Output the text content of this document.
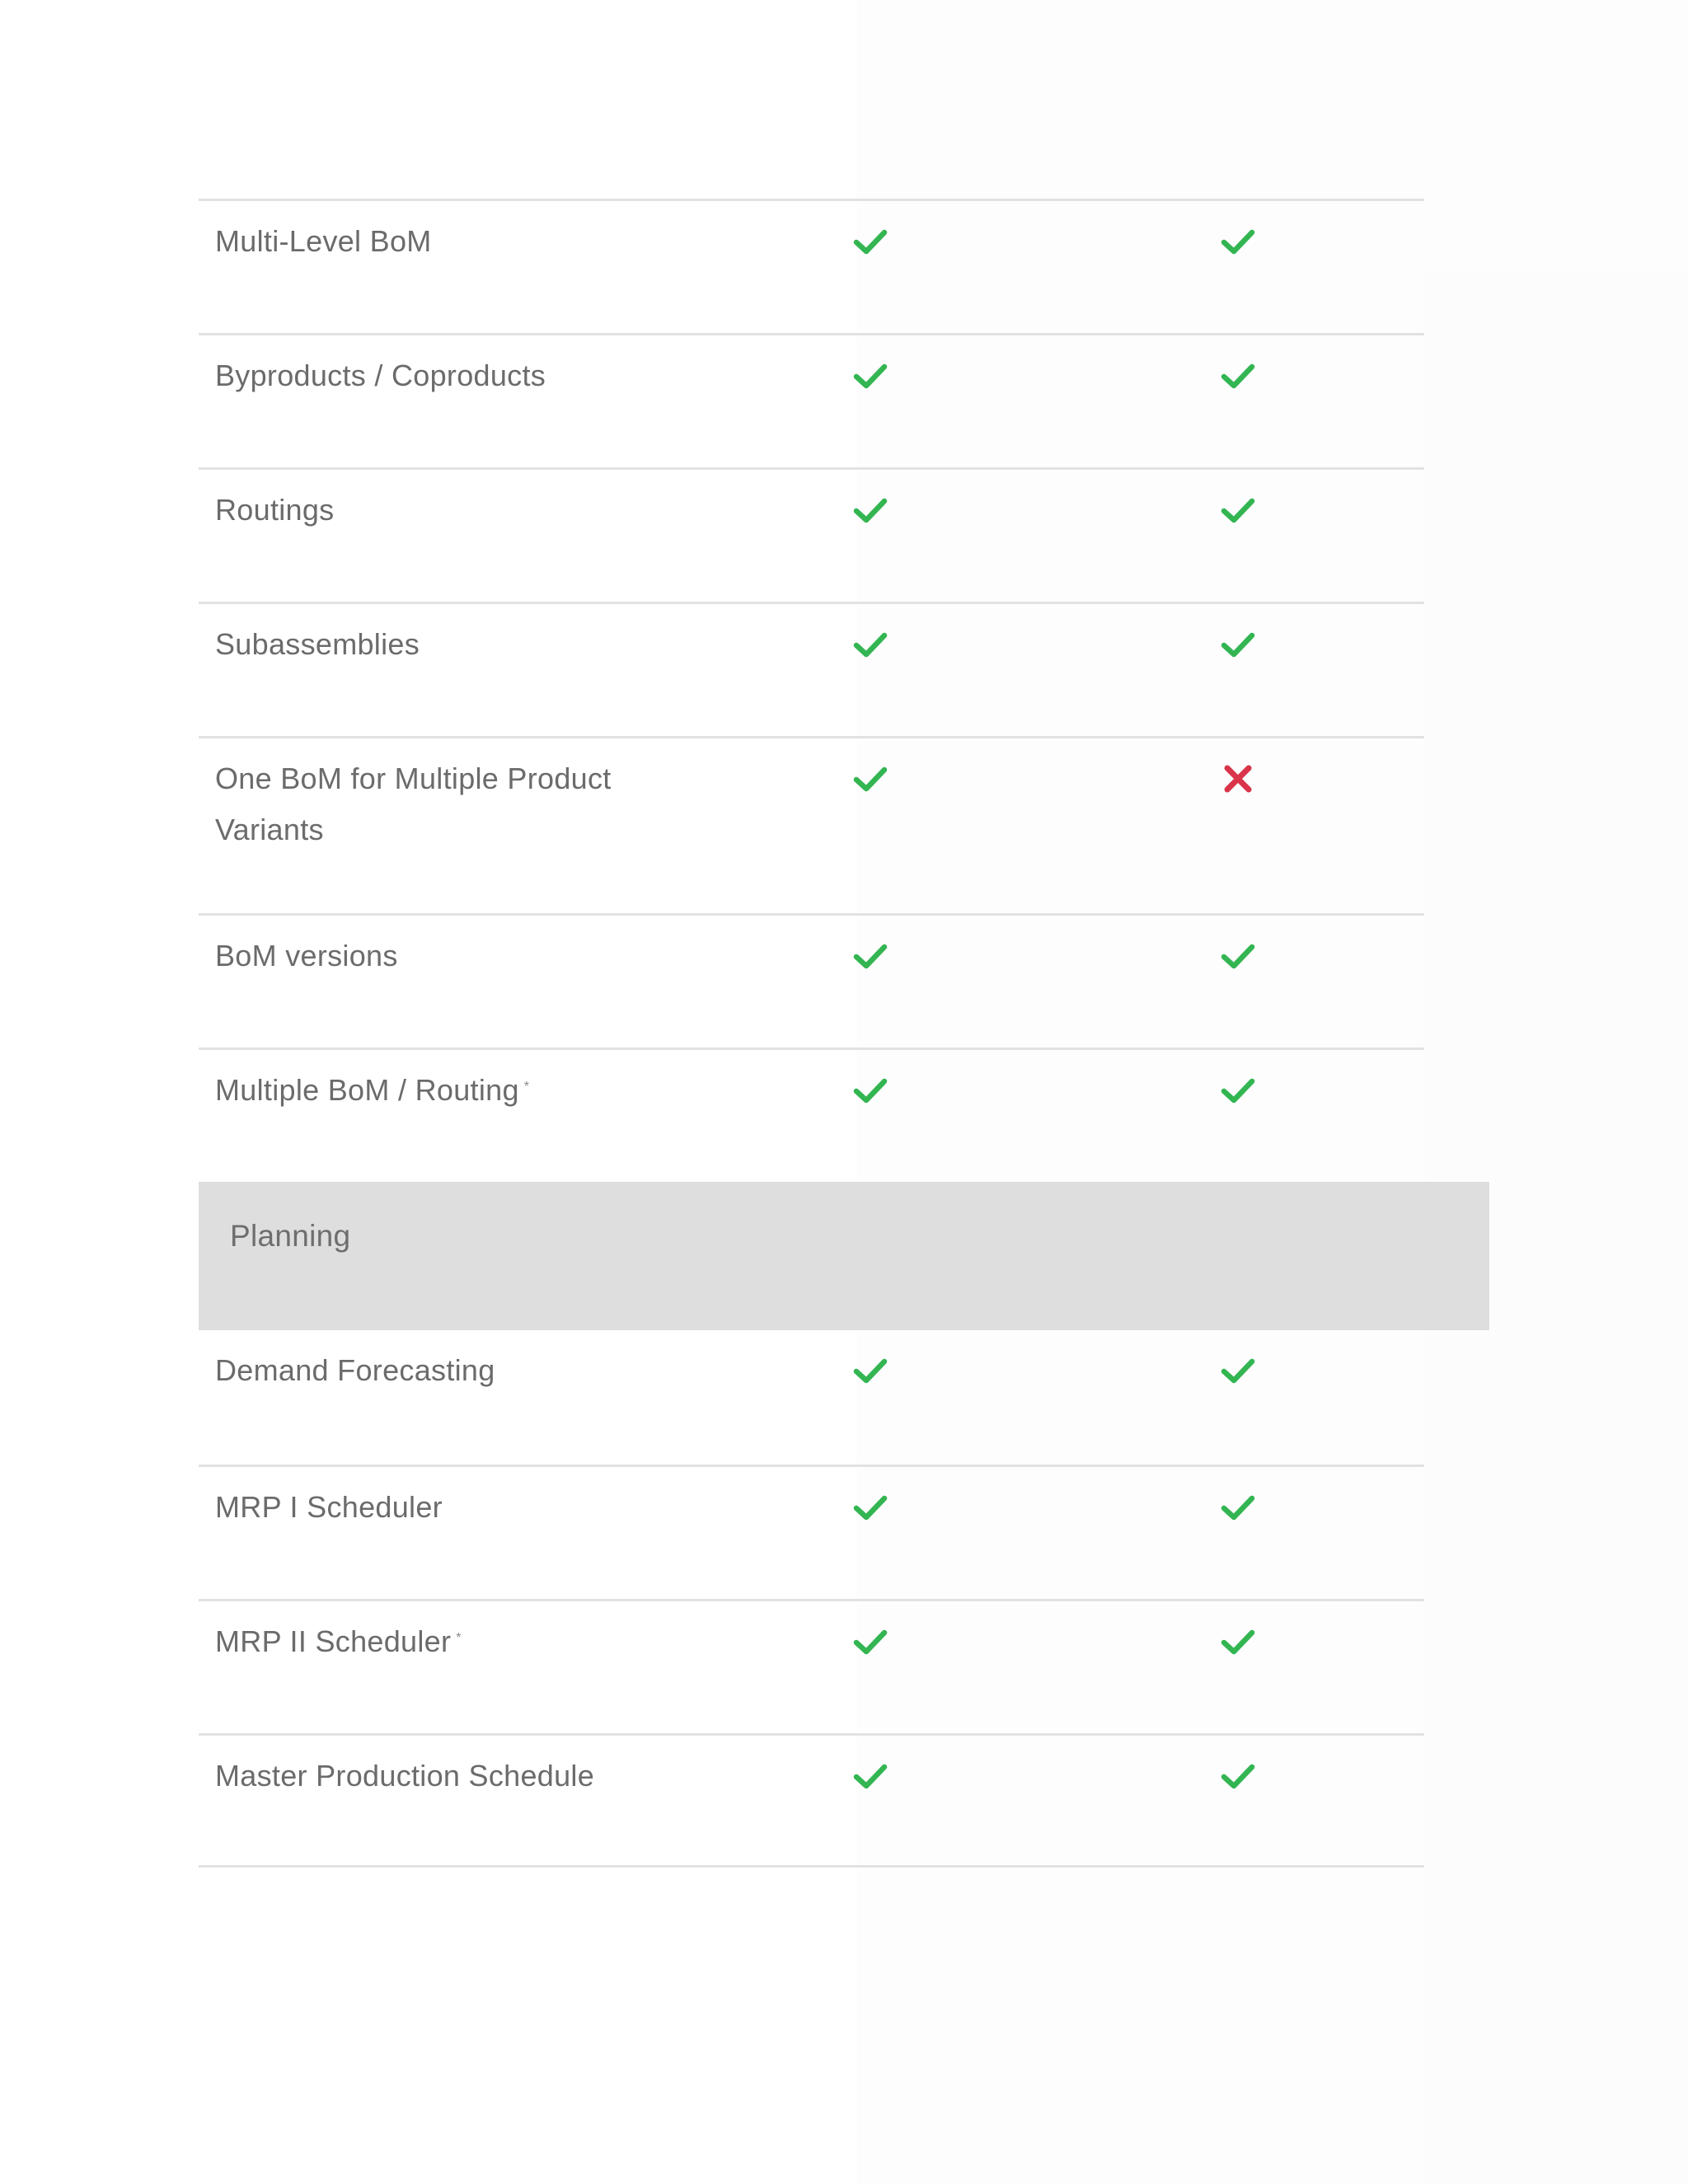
Multi-Level BoM
Byproducts / Coproducts
Routings
Subassemblies
One BoM for Multiple Product Variants
BoM versions
Multiple BoM / Routing *
Planning
Demand Forecasting
MRP I Scheduler
MRP II Scheduler *
Master Production Schedule
